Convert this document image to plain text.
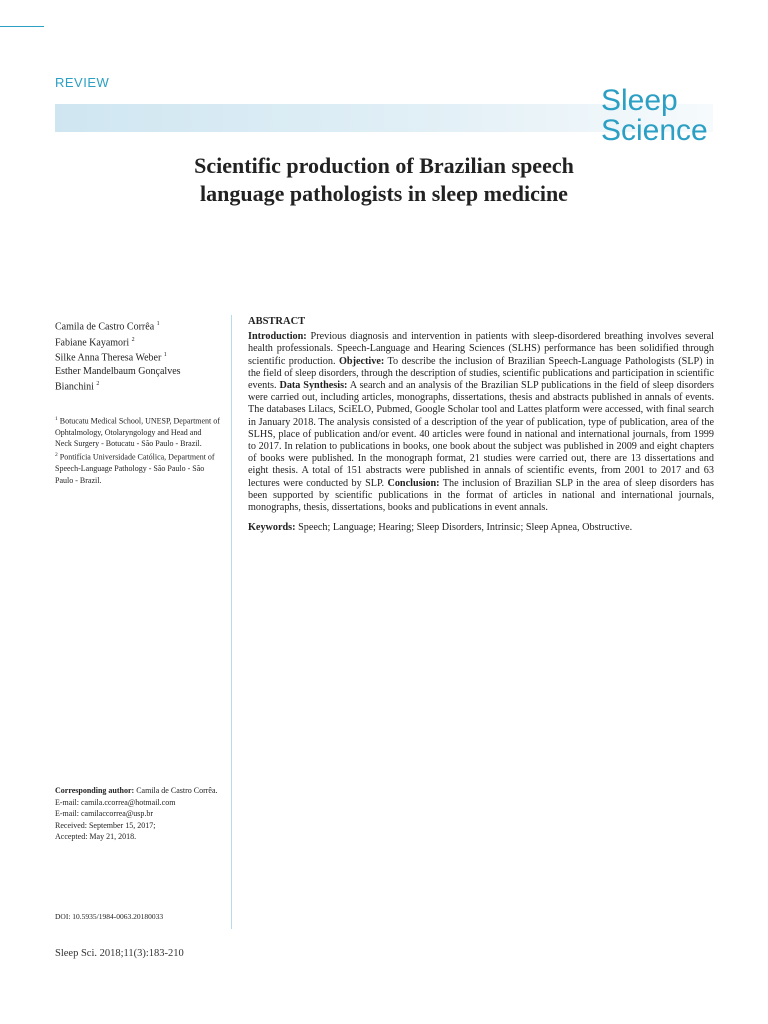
REVIEW
Sleep
Science
Scientific production of Brazilian speech
language pathologists in sleep medicine
Camila de Castro Corrêa $^1$
Fabiane Kayamori $^2$
Silke Anna Theresa Weber $^1$
Esther Mandelbaum Gonçalves Bianchini $^2$
$^1$ Botucatu Medical School, UNESP, Department of Ophtalmology, Otolaryngology and Head and Neck Surgery - Botucatu - São Paulo - Brazil.
$^2$ Pontifícia Universidade Católica, Department of Speech-Language Pathology - São Paulo - São Paulo - Brazil.
Corresponding author: Camila de Castro Corrêa.
E-mail: camila.ccorrea@hotmail.com
E-mail: camilaccorrea@usp.br
Received: September 15, 2017;
Accepted: May 21, 2018.
DOI: 10.5935/1984-0063.20180033
Sleep Sci. 2018;11(3):183-210
ABSTRACT

Introduction: Previous diagnosis and intervention in patients with sleep-disordered breathing involves several health professionals. Speech-Language and Hearing Sciences (SLHS) performance has been solidified through scientific production. Objective: To describe the inclusion of Brazilian Speech-Language Pathologists (SLP) in the field of sleep disorders, through the description of studies, scientific publications and participation in scientific events. Data Synthesis: A search and an analysis of the Brazilian SLP publications in the field of sleep disorders were carried out, including articles, monographs, dissertations, thesis and abstracts published in annals of events. The databases Lilacs, SciELO, Pubmed, Google Scholar tool and Lattes platform were accessed, with final search in January 2018. The analysis consisted of a description of the year of publication, type of publication, area of the SLHS, place of publication and/or event. 40 articles were found in national and international journals, from 1999 to 2017. In relation to publications in books, one book about the subject was published in 2009 and eight chapters of books were published. In the monograph format, 21 studies were carried out, there are 13 dissertations and eight thesis. A total of 151 abstracts were published in annals of scientific events, from 2001 to 2017 and 63 lectures were conducted by SLP. Conclusion: The inclusion of Brazilian SLP in the area of sleep disorders has been supported by scientific publications in the format of articles in national and international journals, monographs, thesis, dissertations, books and publications in event annals.

Keywords: Speech; Language; Hearing; Sleep Disorders, Intrinsic; Sleep Apnea, Obstructive.
